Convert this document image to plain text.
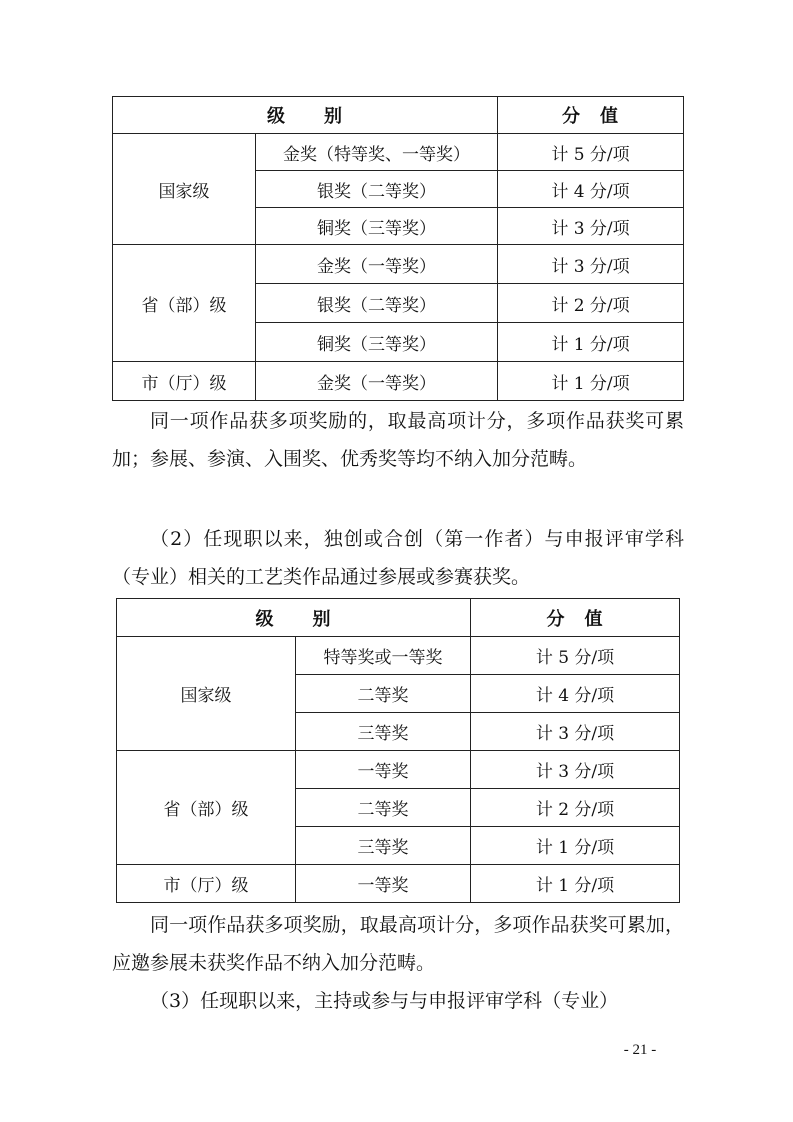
级　　别		分　值
国家级	金奖（特等奖、一等奖）	计 5 分/项
	银奖（二等奖）	计 4 分/项
	铜奖（三等奖）	计 3 分/项
省（部）级	金奖（一等奖）	计 3 分/项
	银奖（二等奖）	计 2 分/项
	铜奖（三等奖）	计 1 分/项
市（厅）级	金奖（一等奖）	计 1 分/项

同一项作品获多项奖励的，取最高项计分，多项作品获奖可累加；参展、参演、入围奖、优秀奖等均不纳入加分范畴。

（2）任现职以来，独创或合创（第一作者）与申报评审学科（专业）相关的工艺类作品通过参展或参赛获奖。

级　　别		分　值
国家级	特等奖或一等奖	计 5 分/项
	二等奖	计 4 分/项
	三等奖	计 3 分/项
省（部）级	一等奖	计 3 分/项
	二等奖	计 2 分/项
	三等奖	计 1 分/项
市（厅）级	一等奖	计 1 分/项

同一项作品获多项奖励，取最高项计分，多项作品获奖可累加，应邀参展未获奖作品不纳入加分范畴。

（3）任现职以来，主持或参与与申报评审学科（专业）

- 21 -
